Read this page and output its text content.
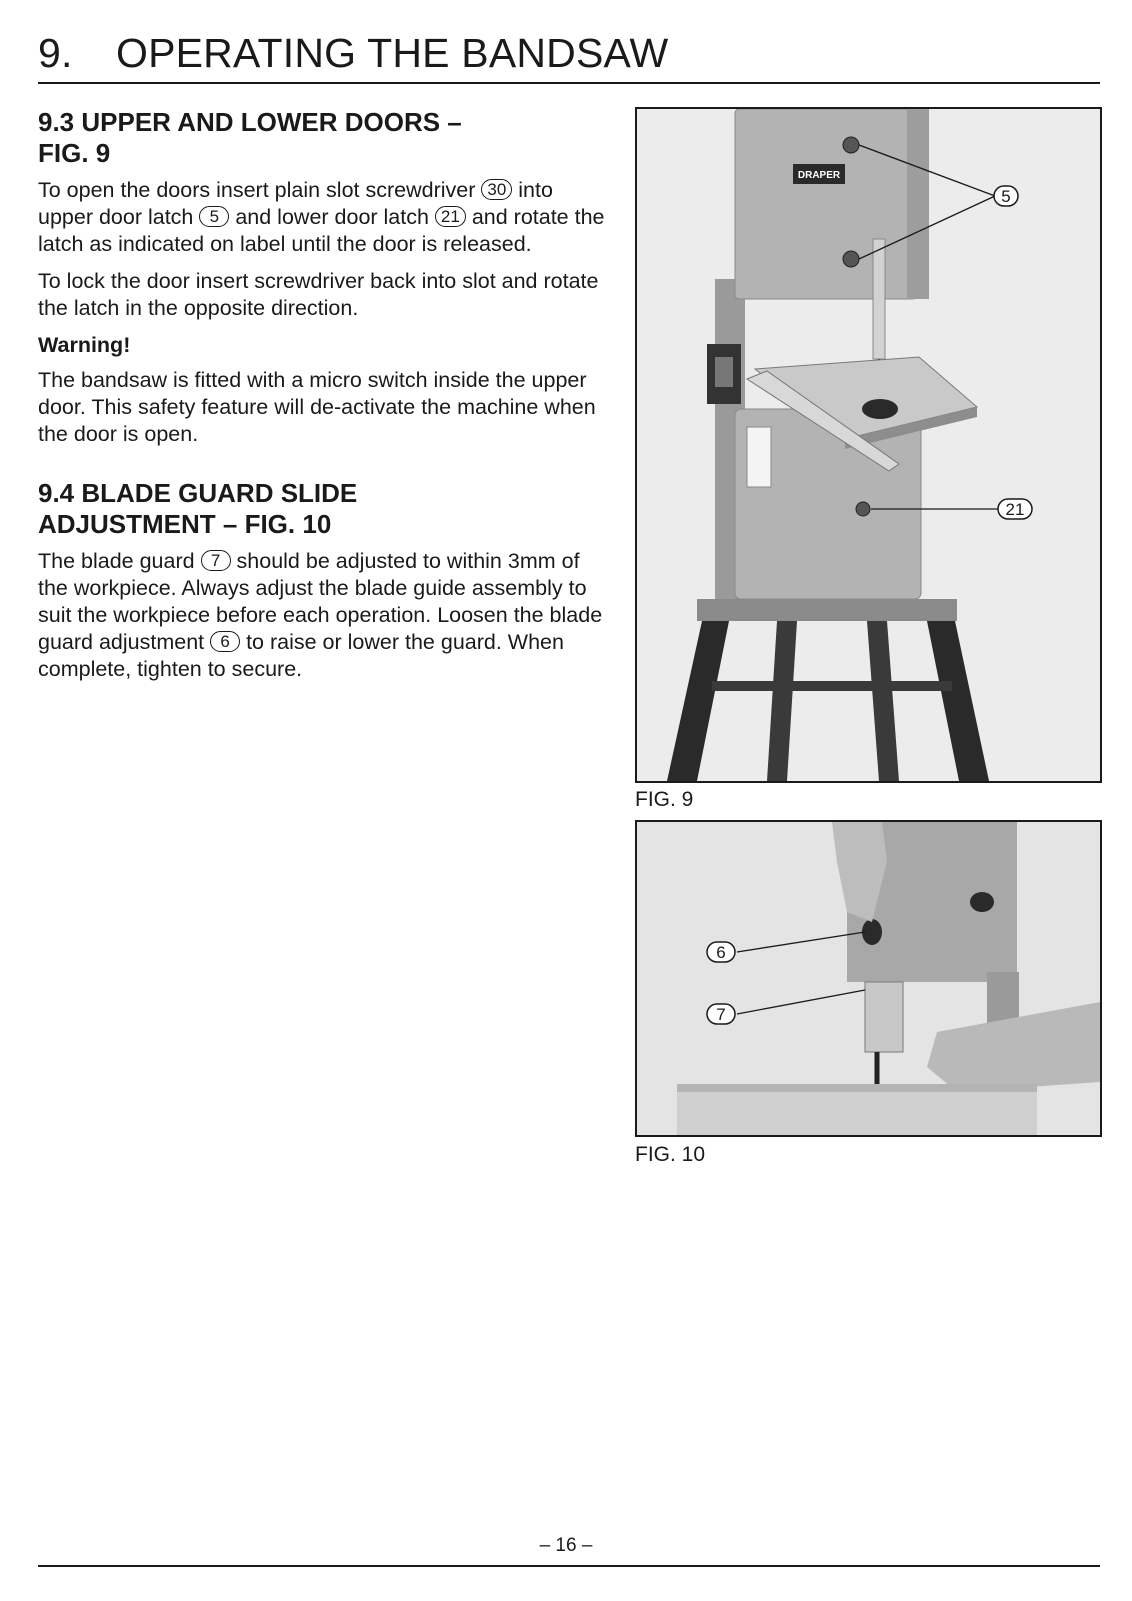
9. OPERATING THE BANDSAW
9.3 UPPER AND LOWER DOORS –
FIG. 9

To open the doors insert plain slot screwdriver 30 into upper door latch 5 and lower door latch 21 and rotate the latch as indicated on label until the door is released.

To lock the door insert screwdriver back into slot and rotate the latch in the opposite direction.

Warning!

The bandsaw is fitted with a micro switch inside the upper door. This safety feature will de-activate the machine when the door is open.

9.4 BLADE GUARD SLIDE
ADJUSTMENT – FIG. 10

The blade guard 7 should be adjusted to within 3mm of the workpiece. Always adjust the blade guide assembly to suit the workpiece before each operation. Loosen the blade guard adjustment 6 to raise or lower the guard. When complete, tighten to secure.

DRAPER
5
21
FIG. 9
6
7
FIG. 10
– 16 –
